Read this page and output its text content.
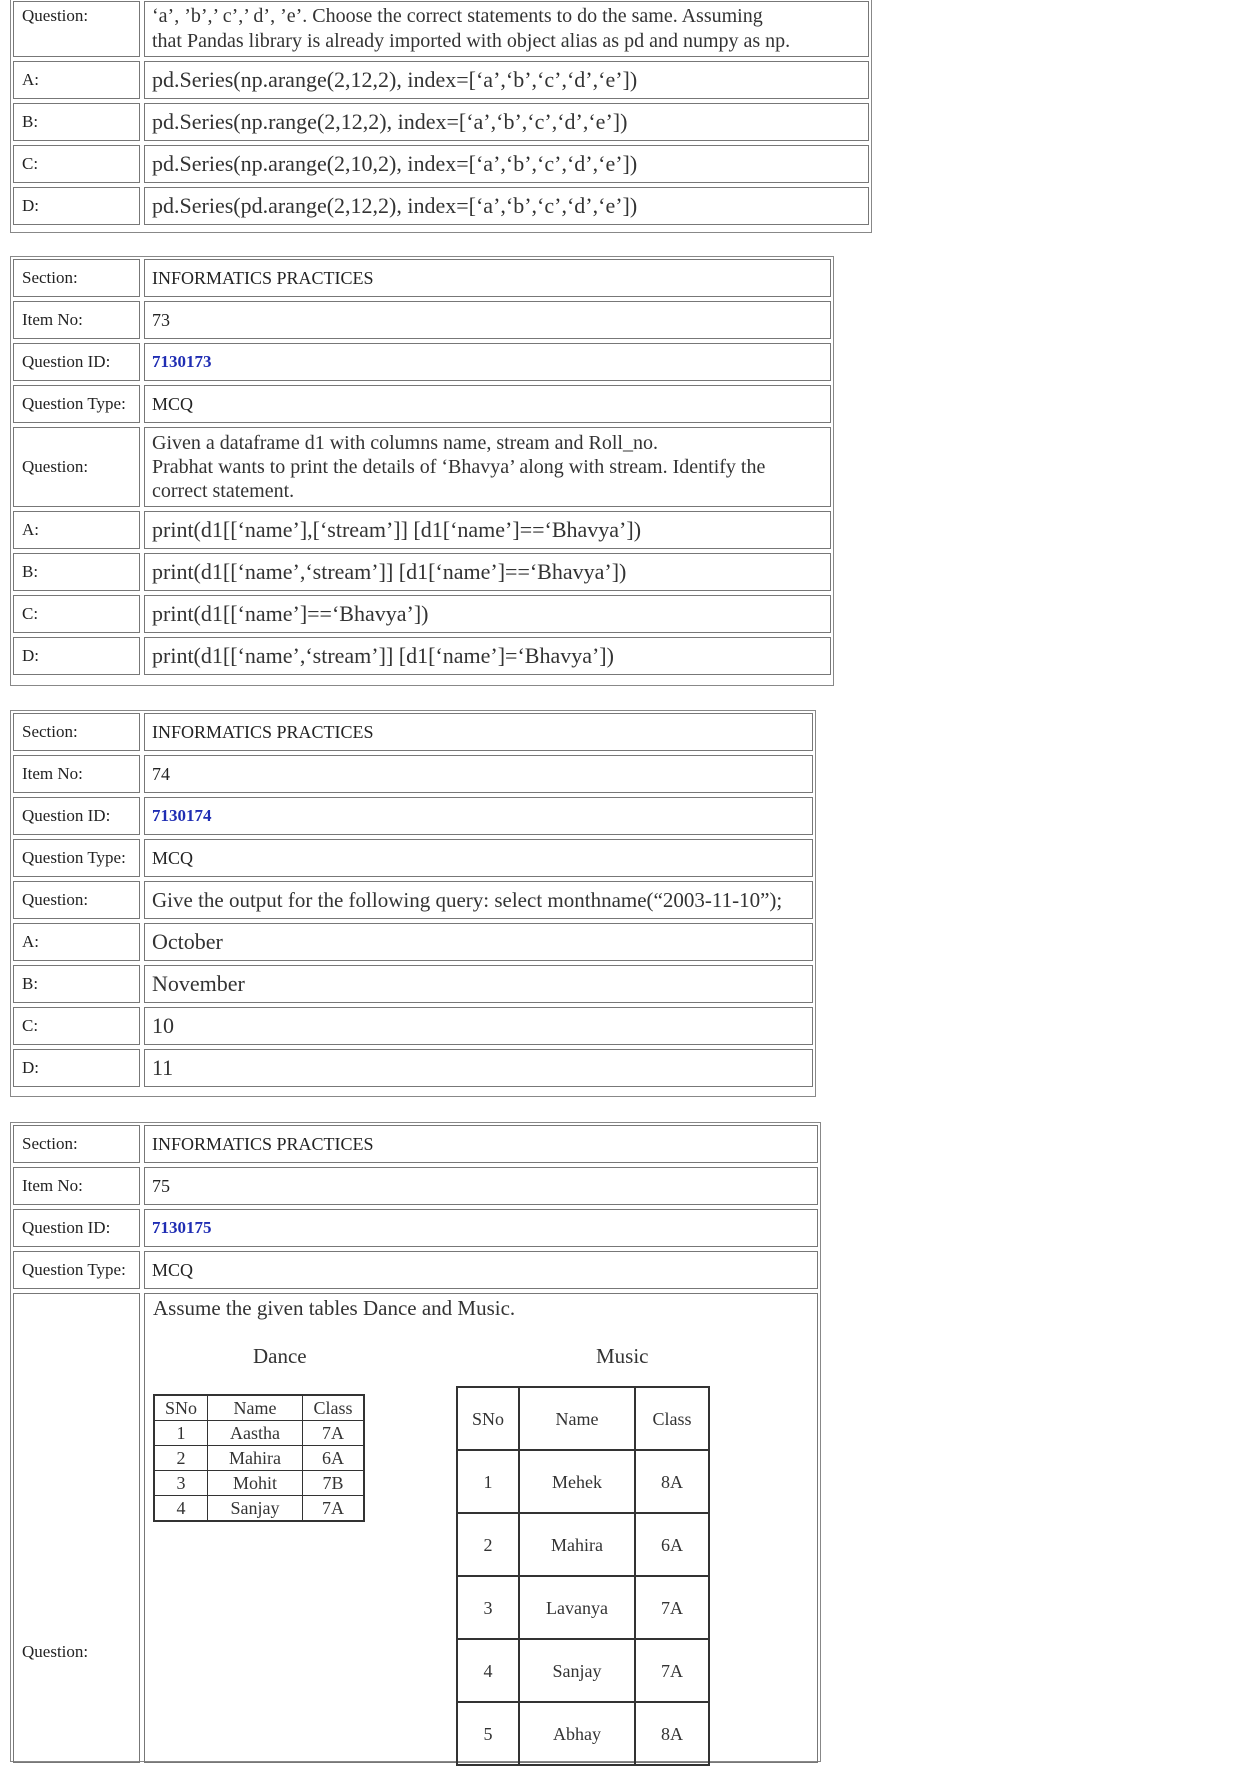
Question:	‘a’, ’b’,’ c’,’ d’, ’e’. Choose the correct statements to do the same. Assuming
that Pandas library is already imported with object alias as pd and numpy as np.
A:	pd.Series(np.arange(2,12,2), index=[‘a’,‘b’,‘c’,‘d’,‘e’])
B:	pd.Series(np.range(2,12,2), index=[‘a’,‘b’,‘c’,‘d’,‘e’])
C:	pd.Series(np.arange(2,10,2), index=[‘a’,‘b’,‘c’,‘d’,‘e’])
D:	pd.Series(pd.arange(2,12,2), index=[‘a’,‘b’,‘c’,‘d’,‘e’])
Section:	INFORMATICS PRACTICES
Item No:	73
Question ID:	7130173
Question Type:	MCQ
Question:
Given a dataframe d1 with columns name, stream and Roll_no.
Prabhat wants to print the details of ‘Bhavya’ along with stream. Identify the
correct statement.
A:	print(d1[[‘name’],[‘stream’]] [d1[‘name’]==‘Bhavya’])
B:	print(d1[[‘name’,‘stream’]] [d1[‘name’]==‘Bhavya’])
C:	print(d1[[‘name’]==‘Bhavya’])
D:	print(d1[[‘name’,‘stream’]] [d1[‘name’]=‘Bhavya’])
Section:	INFORMATICS PRACTICES
Item No:	74
Question ID:	7130174
Question Type:	MCQ
Question:	Give the output for the following query: select monthname(“2003-11-10”);
A:	October
B:	November
C:	10
D:	11
Section:	INFORMATICS PRACTICES
Item No:	75
Question ID:	7130175
Question Type:	MCQ
Question:
Assume the given tables Dance and Music.
Dance	Music
SNo	Name	Class
1	Aastha	7A
2	Mahira	6A
3	Mohit	7B
4	Sanjay	7A
SNo	Name	Class
1	Mehek	8A
2	Mahira	6A
3	Lavanya	7A
4	Sanjay	7A
5	Abhay	8A
